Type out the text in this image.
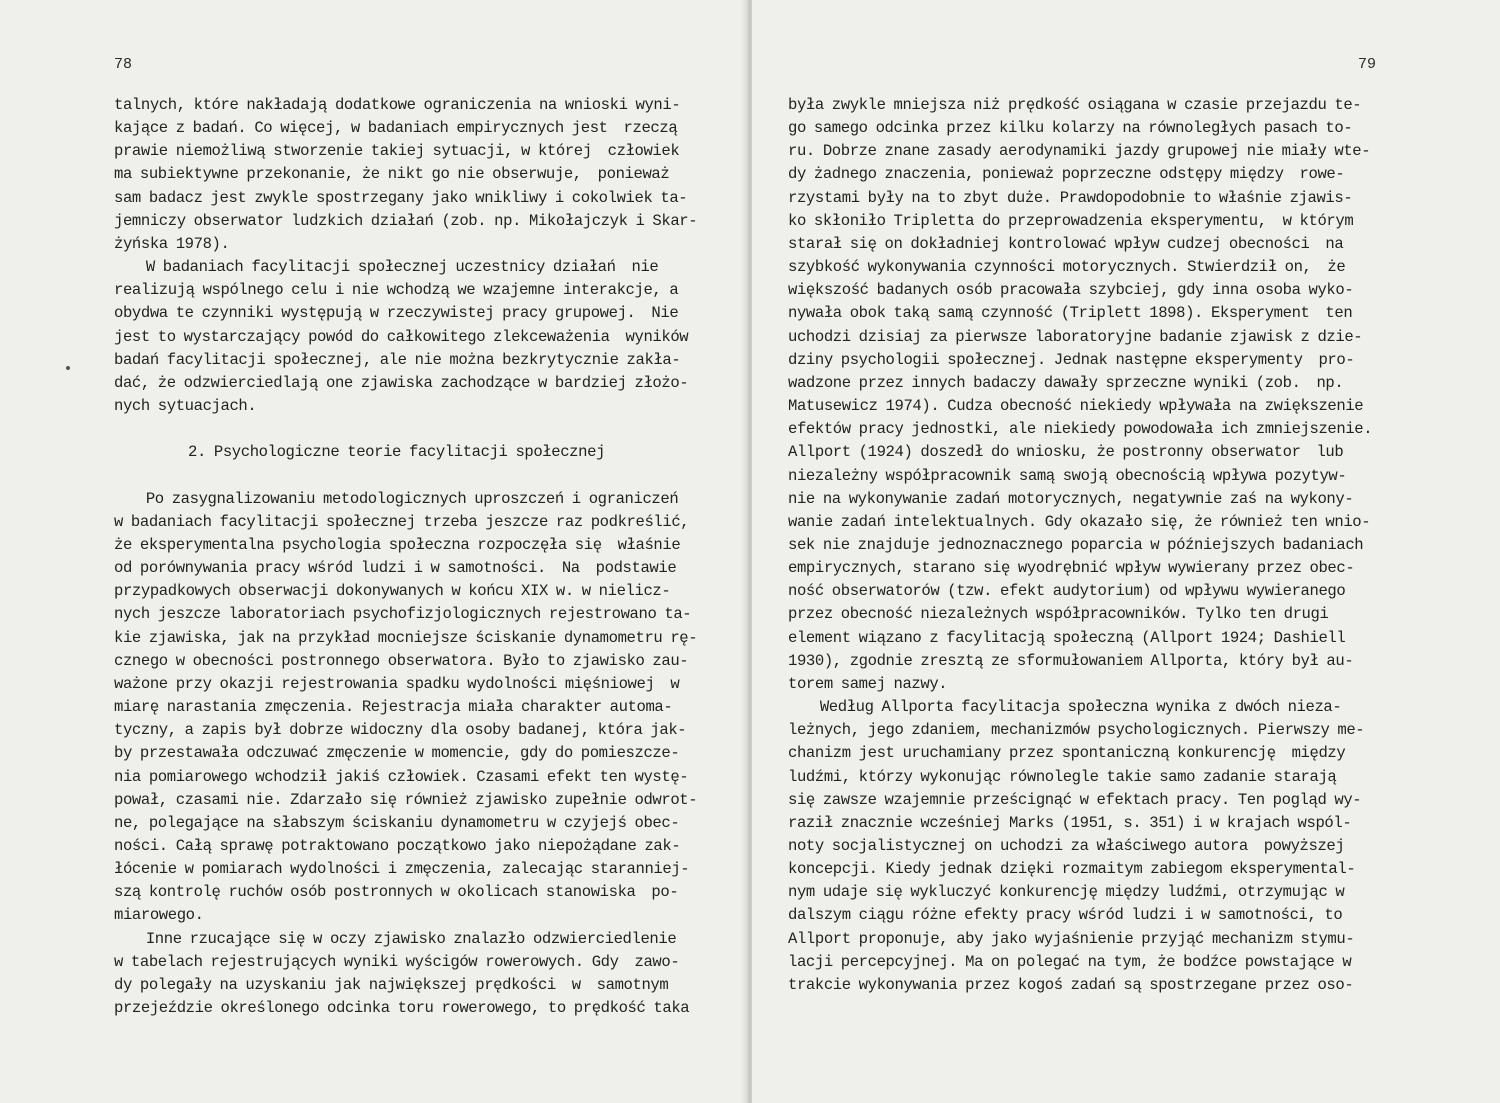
78

talnych, które nakładają dodatkowe ograniczenia na wnioski wyni-
kające z badań. Co więcej, w badaniach empirycznych jest  rzeczą
prawie niemożliwą stworzenie takiej sytuacji, w której  człowiek
ma subiektywne przekonanie, że nikt go nie obserwuje,  ponieważ
sam badacz jest zwykle spostrzegany jako wnikliwy i cokolwiek ta-
jemniczy obserwator ludzkich działań (zob. np. Mikołajczyk i Skar-
żyńska 1978).
W badaniach facylitacji społecznej uczestnicy działań  nie
realizują wspólnego celu i nie wchodzą we wzajemne interakcje, a
obydwa te czynniki występują w rzeczywistej pracy grupowej.  Nie
jest to wystarczający powód do całkowitego zlekceważenia  wyników
badań facylitacji społecznej, ale nie można bezkrytycznie zakła-
dać, że odzwierciedlają one zjawiska zachodzące w bardziej złożo-
nych sytuacjach.
2. Psychologiczne teorie facylitacji społecznej
Po zasygnalizowaniu metodologicznych uproszczeń i ograniczeń
w badaniach facylitacji społecznej trzeba jeszcze raz podkreślić,
że eksperymentalna psychologia społeczna rozpoczęła się  właśnie
od porównywania pracy wśród ludzi i w samotności.  Na  podstawie
przypadkowych obserwacji dokonywanych w końcu XIX w. w nielicz-
nych jeszcze laboratoriach psychofizjologicznych rejestrowano ta-
kie zjawiska, jak na przykład mocniejsze ściskanie dynamometru rę-
cznego w obecności postronnego obserwatora. Było to zjawisko zau-
ważone przy okazji rejestrowania spadku wydolności mięśniowej  w
miarę narastania zmęczenia. Rejestracja miała charakter automa-
tyczny, a zapis był dobrze widoczny dla osoby badanej, która jak-
by przestawała odczuwać zmęczenie w momencie, gdy do pomieszcze-
nia pomiarowego wchodził jakiś człowiek. Czasami efekt ten wystę-
pował, czasami nie. Zdarzało się również zjawisko zupełnie odwrot-
ne, polegające na słabszym ściskaniu dynamometru w czyjejś obec-
ności. Całą sprawę potraktowano początkowo jako niepożądane zak-
łócenie w pomiarach wydolności i zmęczenia, zalecając staranniej-
szą kontrolę ruchów osób postronnych w okolicach stanowiska  po-
miarowego.
Inne rzucające się w oczy zjawisko znalazło odzwierciedlenie
w tabelach rejestrujących wyniki wyścigów rowerowych. Gdy  zawo-
dy polegały na uzyskaniu jak największej prędkości  w  samotnym
przejeździe określonego odcinka toru rowerowego, to prędkość taka

79

była zwykle mniejsza niż prędkość osiągana w czasie przejazdu te-
go samego odcinka przez kilku kolarzy na równoległych pasach to-
ru. Dobrze znane zasady aerodynamiki jazdy grupowej nie miały wte-
dy żadnego znaczenia, ponieważ poprzeczne odstępy między  rowe-
rzystami były na to zbyt duże. Prawdopodobnie to właśnie zjawis-
ko skłoniło Tripletta do przeprowadzenia eksperymentu,  w którym
starał się on dokładniej kontrolować wpływ cudzej obecności  na
szybkość wykonywania czynności motorycznych. Stwierdził on,  że
większość badanych osób pracowała szybciej, gdy inna osoba wyko-
nywała obok taką samą czynność (Triplett 1898). Eksperyment  ten
uchodzi dzisiaj za pierwsze laboratoryjne badanie zjawisk z dzie-
dziny psychologii społecznej. Jednak następne eksperymenty  pro-
wadzone przez innych badaczy dawały sprzeczne wyniki (zob.  np.
Matusewicz 1974). Cudza obecność niekiedy wpływała na zwiększenie
efektów pracy jednostki, ale niekiedy powodowała ich zmniejszenie.
Allport (1924) doszedł do wniosku, że postronny obserwator  lub
niezależny współpracownik samą swoją obecnością wpływa pozytyw-
nie na wykonywanie zadań motorycznych, negatywnie zaś na wykony-
wanie zadań intelektualnych. Gdy okazało się, że również ten wnio-
sek nie znajduje jednoznacznego poparcia w późniejszych badaniach
empirycznych, starano się wyodrębnić wpływ wywierany przez obec-
ność obserwatorów (tzw. efekt audytorium) od wpływu wywieranego
przez obecność niezależnych współpracowników. Tylko ten drugi
element wiązano z facylitacją społeczną (Allport 1924; Dashiell
1930), zgodnie zresztą ze sformułowaniem Allporta, który był au-
torem samej nazwy.
Według Allporta facylitacja społeczna wynika z dwóch nieza-
leżnych, jego zdaniem, mechanizmów psychologicznych. Pierwszy me-
chanizm jest uruchamiany przez spontaniczną konkurencję  między
ludźmi, którzy wykonując równolegle takie samo zadanie starają
się zawsze wzajemnie prześcignąć w efektach pracy. Ten pogląd wy-
raził znacznie wcześniej Marks (1951, s. 351) i w krajach wspól-
noty socjalistycznej on uchodzi za właściwego autora  powyższej
koncepcji. Kiedy jednak dzięki rozmaitym zabiegom eksperymental-
nym udaje się wykluczyć konkurencję między ludźmi, otrzymując w
dalszym ciągu różne efekty pracy wśród ludzi i w samotności, to
Allport proponuje, aby jako wyjaśnienie przyjąć mechanizm stymu-
lacji percepcyjnej. Ma on polegać na tym, że bodźce powstające w
trakcie wykonywania przez kogoś zadań są spostrzegane przez oso-
